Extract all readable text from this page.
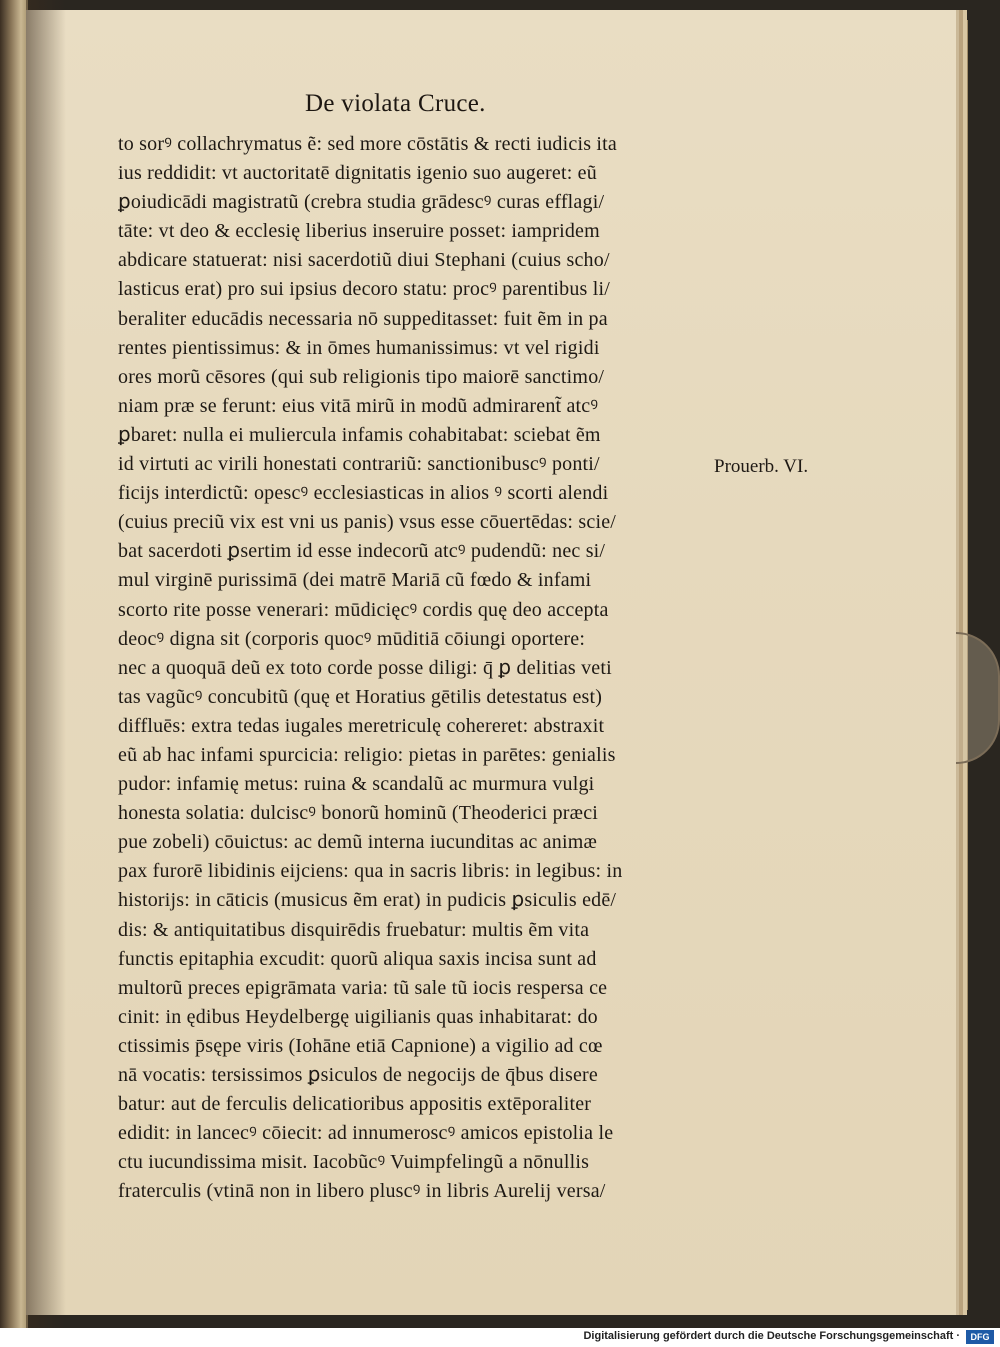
De violata Cruce.
to sorꝰ collachrymatus ẽ: sed more cōstātis & recti iudicis ita
ius reddidit: vt auctoritatē dignitatis igenio suo augeret: eũ
ꝑoiudicādi magistratũ (crebra studia grādescꝰ curas efflagi/
tāte: vt deo & ecclesię liberius inseruire posset: iampridem
abdicare statuerat: nisi sacerdotiũ diui Stephani (cuius scho/
lasticus erat) pro sui ipsius decoro statu: procꝰ parentibus li/
beraliter educādis necessaria nō suppeditasset: fuit ẽm in pa
rentes pientissimus: & in ōmes humanissimus: vt vel rigidi
ores morũ cēsores (qui sub religionis tipo maiorē sanctimo/
niam præ se ferunt: eius vitā mirũ in modũ admirarent̃ atcꝰ
ꝑbaret: nulla ei muliercula infamis cohabitabat: sciebat ẽm
id virtuti ac virili honestati contrariũ: sanctionibuscꝰ ponti/
ficijs interdictũ: opescꝰ ecclesiasticas in alios ꝰ scorti alendi
(cuius preciũ vix est vni us panis) vsus esse cōuertēdas: scie/
bat sacerdoti ꝑsertim id esse indecorũ atcꝰ pudendũ: nec si/
mul virginē purissimā (dei matrē Mariā cũ fœdo & infami
scorto rite posse venerari: mūdicięcꝰ cordis quę deo accepta
deocꝰ digna sit (corporis quocꝰ mūditiā cōiungi oportere:
nec a quoquā deũ ex toto corde posse diligi: q̄ ꝑ delitias veti
tas vagũcꝰ concubitũ (quę et Horatius gētilis detestatus est)
diffluēs: extra tedas iugales meretriculę cohereret: abstraxit
eũ ab hac infami spurcicia: religio: pietas in parētes: genialis
pudor: infamię metus: ruina & scandalũ ac murmura vulgi
honesta solatia: dulciscꝰ bonorũ hominũ (Theoderici præci
pue zobeli) cōuictus: ac demũ interna iucunditas ac animæ
pax furorē libidinis eijciens: qua in sacris libris: in legibus: in
historijs: in cāticis (musicus ẽm erat) in pudicis ꝑsiculis edē/
dis: & antiquitatibus disquirēdis fruebatur: multis ẽm vita
functis epitaphia excudit: quorũ aliqua saxis incisa sunt ad
multorũ preces epigrāmata varia: tũ sale tũ iocis respersa ce
cinit: in ędibus Heydelbergę uigilianis quas inhabitarat: do
ctissimis p̄sępe viris (Iohāne etiā Capnione) a vigilio ad cœ
nā vocatis: tersissimos ꝑsiculos de negocijs de q̄bus disere
batur: aut de ferculis delicatioribus appositis extēporaliter
edidit: in lancecꝰ cōiecit: ad innumeroscꝰ amicos epistolia le
ctu iucundissima misit. Iacobũcꝰ Vuimpfelingũ a nōnullis
fraterculis (vtinā non in libero pluscꝰ in libris Aurelij versa/
Prouerb. VI.
Digitalisierung gefördert durch die Deutsche Forschungsgemeinschaft ·	DFG
